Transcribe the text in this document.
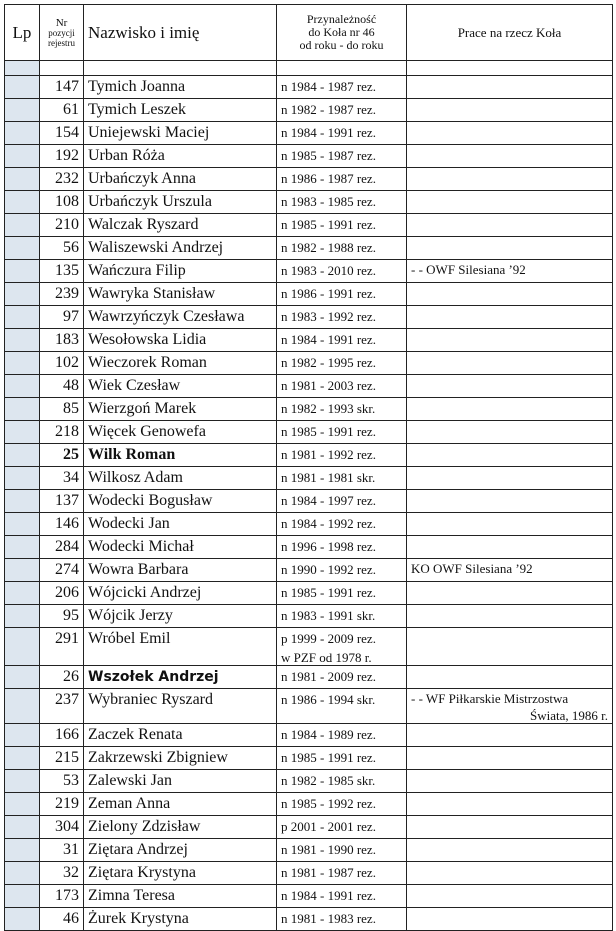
Lp	Nr
pozycji
rejestru	Nazwisko i imię	Przynależność
do Koła nr 46
od roku - do roku	Prace na rzecz Koła

	147	Tymich Joanna	n 1984 - 1987 rez.	

	61	Tymich Leszek	n 1982 - 1987 rez.	

	154	Uniejewski Maciej	n 1984 - 1991 rez.	

	192	Urban Róża	n 1985 - 1987 rez.	

	232	Urbańczyk Anna	n 1986 - 1987 rez.	

	108	Urbańczyk Urszula	n 1983 - 1985 rez.	

	210	Walczak Ryszard	n 1985 - 1991 rez.	

	56	Waliszewski Andrzej	n 1982 - 1988 rez.	

	135	Wańczura Filip	n 1983 - 2010 rez.	- - OWF Silesiana ’92

	239	Wawryka Stanisław	n 1986 - 1991 rez.	

	97	Wawrzyńczyk Czesława	n 1983 - 1992 rez.	

	183	Wesołowska Lidia	n 1984 - 1991 rez.	

	102	Wieczorek Roman	n 1982 - 1995 rez.	

	48	Wiek Czesław	n 1981 - 2003 rez.	

	85	Wierzgoń Marek	n 1982 - 1993 skr.	

	218	Więcek Genowefa	n 1985 - 1991 rez.	

	25	Wilk Roman	n 1981 - 1992 rez.	

	34	Wilkosz Adam	n 1981 - 1981 skr.	

	137	Wodecki Bogusław	n 1984 - 1997 rez.	

	146	Wodecki Jan	n 1984 - 1992 rez.	

	284	Wodecki Michał	n 1996 - 1998 rez.	

	274	Wowra Barbara	n 1990 - 1992 rez.	KO OWF Silesiana ’92

	206	Wójcicki Andrzej	n 1985 - 1991 rez.	

	95	Wójcik Jerzy	n 1983 - 1991 skr.	

	291	Wróbel Emil	p 1999 - 2009 rez.
w PZF od 1978 r.	

	26	Wszołek Andrzej	n 1981 - 2009 rez.	

	237	Wybraniec Ryszard	n 1986 - 1994 skr.	- - WF Piłkarskie Mistrzostwa
Świata, 1986 r.

	166	Zaczek Renata	n 1984 - 1989 rez.	

	215	Zakrzewski Zbigniew	n 1985 - 1991 rez.	

	53	Zalewski Jan	n 1982 - 1985 skr.	

	219	Zeman Anna	n 1985 - 1992 rez.	

	304	Zielony Zdzisław	p 2001 - 2001 rez.	

	31	Ziętara Andrzej	n 1981 - 1990 rez.	

	32	Ziętara Krystyna	n 1981 - 1987 rez.	

	173	Zimna Teresa	n 1984 - 1991 rez.	

	46	Żurek Krystyna	n 1981 - 1983 rez.	
